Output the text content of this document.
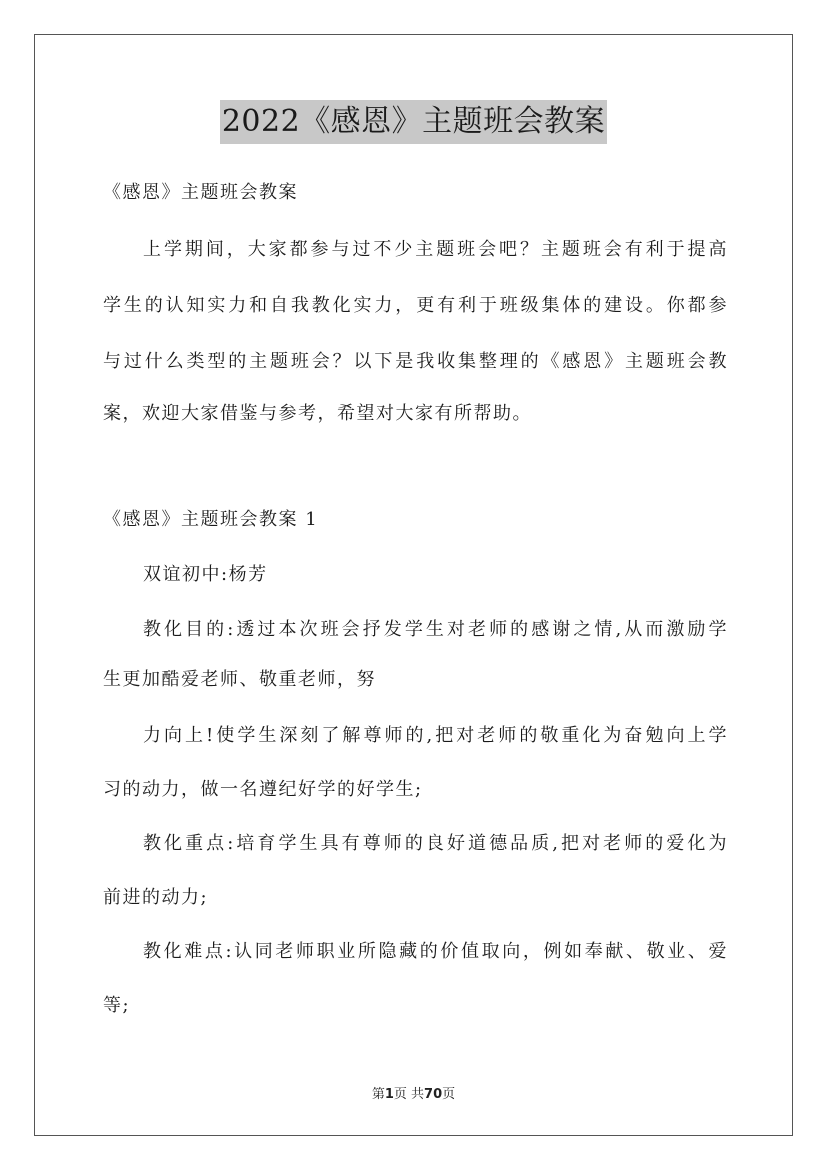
2022《感恩》主题班会教案
《感恩》主题班会教案
上学期间，大家都参与过不少主题班会吧？主题班会有利于提高
学生的认知实力和自我教化实力，更有利于班级集体的建设。你都参
与过什么类型的主题班会？以下是我收集整理的《感恩》主题班会教
案，欢迎大家借鉴与参考，希望对大家有所帮助。
《感恩》主题班会教案 1
双谊初中:杨芳
教化目的:透过本次班会抒发学生对老师的感谢之情,从而激励学
生更加酷爱老师、敬重老师，努
力向上!使学生深刻了解尊师的,把对老师的敬重化为奋勉向上学
习的动力，做一名遵纪好学的好学生;
教化重点:培育学生具有尊师的良好道德品质,把对老师的爱化为
前进的动力;
教化难点:认同老师职业所隐藏的价值取向，例如奉献、敬业、爱
等;
第1页 共70页
